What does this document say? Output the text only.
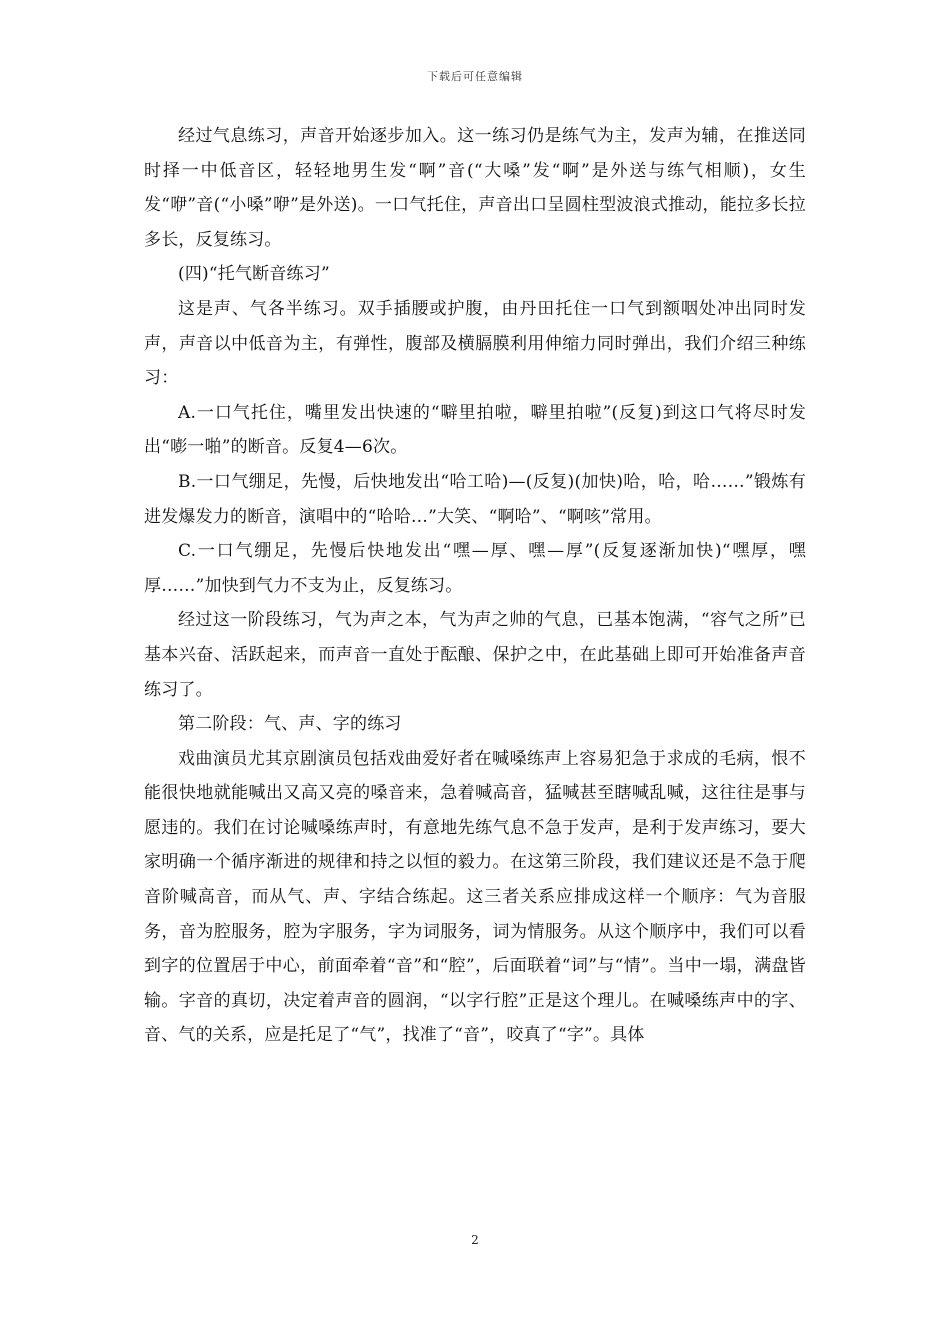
下载后可任意编辑

经过气息练习，声音开始逐步加入。这一练习仍是练气为主，发声为辅，在推送同时择一中低音区，轻轻地男生发“啊”音(“大嗓”发“啊”是外送与练气相顺)，女生发“咿”音(“小嗓”咿”是外送)。一口气托住，声音出口呈圆柱型波浪式推动，能拉多长拉多长，反复练习。

(四)“托气断音练习”

这是声、气各半练习。双手插腰或护腹，由丹田托住一口气到额咽处冲出同时发声，声音以中低音为主，有弹性，腹部及横膈膜利用伸缩力同时弹出，我们介绍三种练习：

A.一口气托住，嘴里发出快速的“噼里拍啦，噼里拍啦”(反复)到这口气将尽时发出“嘭一啪”的断音。反复4—6次。

B.一口气绷足，先慢，后快地发出“哈工哈)—(反复)(加快)哈，哈，哈……”锻炼有进发爆发力的断音，演唱中的“哈哈…”大笑、“啊哈”、“啊咳”常用。

C.一口气绷足，先慢后快地发出“嘿—厚、嘿—厚”(反复逐渐加快)“嘿厚，嘿厚……”加快到气力不支为止，反复练习。

经过这一阶段练习，气为声之本，气为声之帅的气息，已基本饱满，“容气之所”已基本兴奋、活跃起来，而声音一直处于酝酿、保护之中，在此基础上即可开始准备声音练习了。

第二阶段：气、声、字的练习

戏曲演员尤其京剧演员包括戏曲爱好者在喊嗓练声上容易犯急于求成的毛病，恨不能很快地就能喊出又高又亮的嗓音来，急着喊高音，猛喊甚至瞎喊乱喊，这往往是事与愿违的。我们在讨论喊嗓练声时，有意地先练气息不急于发声，是利于发声练习，要大家明确一个循序渐进的规律和持之以恒的毅力。在这第三阶段，我们建议还是不急于爬音阶喊高音，而从气、声、字结合练起。这三者关系应排成这样一个顺序：气为音服务，音为腔服务，腔为字服务，字为词服务，词为情服务。从这个顺序中，我们可以看到字的位置居于中心，前面牵着“音”和“腔”，后面联着“词”与“情”。当中一塌，满盘皆输。字音的真切，决定着声音的圆润，“以字行腔”正是这个理儿。在喊嗓练声中的字、音、气的关系，应是托足了“气”，找准了“音”，咬真了“字”。具体

2
